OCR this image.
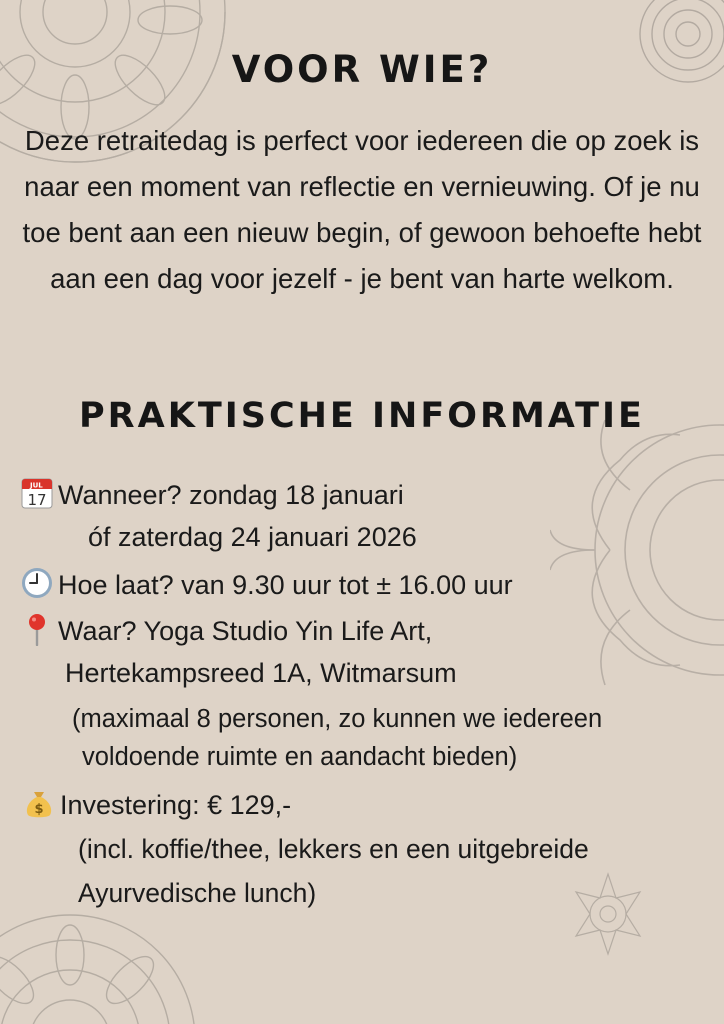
VOOR WIE?

Deze retraitedag is perfect voor iedereen die op zoek is naar een moment van reflectie en vernieuwing. Of je nu toe bent aan een nieuw begin, of gewoon behoefte hebt aan een dag voor jezelf - je bent van harte welkom.

PRAKTISCHE INFORMATIE
JUL
17 Wanneer? zondag 18 januari
óf zaterdag 24 januari 2026
Hoe laat? van 9.30 uur tot ± 16.00 uur
Waar? Yoga Studio Yin Life Art,
Hertekampsreed 1A, Witmarsum
(maximaal 8 personen, zo kunnen we iedereen
voldoende ruimte en aandacht bieden)
$ Investering: € 129,-
(incl. koffie/thee, lekkers en een uitgebreide
Ayurvedische lunch)
